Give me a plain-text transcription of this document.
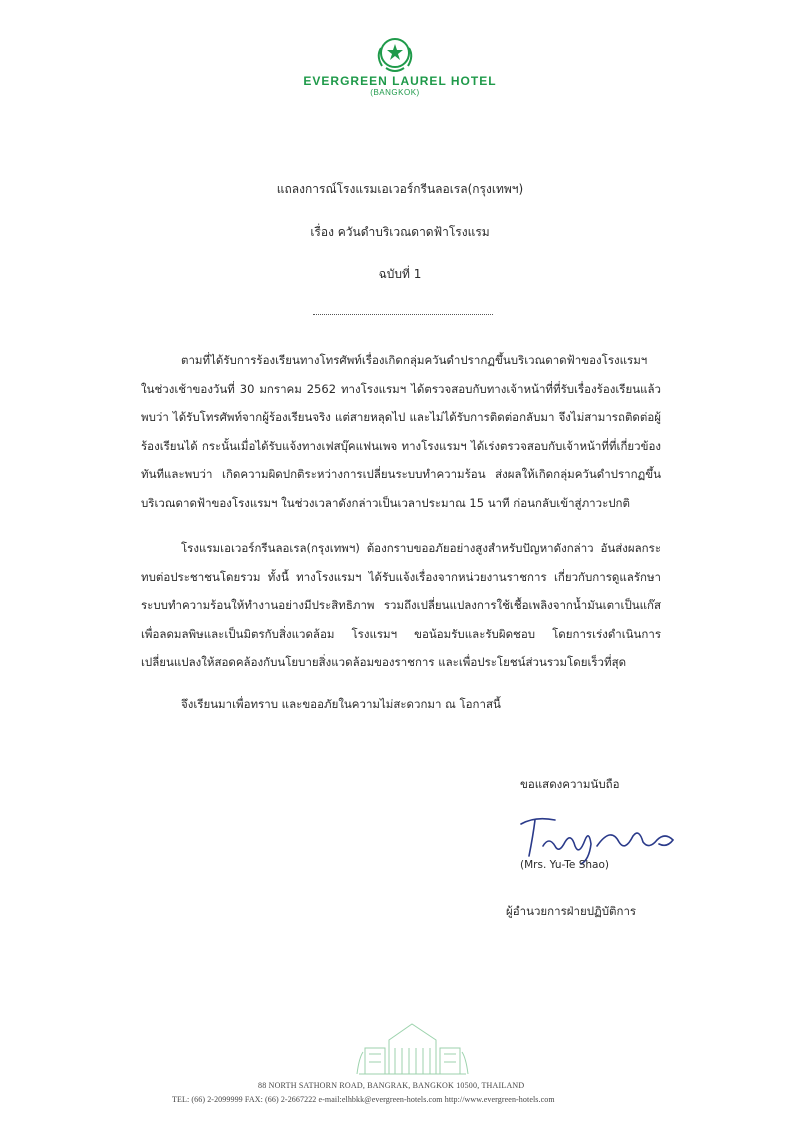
EVERGREEN LAUREL HOTEL
(BANGKOK)
แถลงการณ์โรงแรมเอเวอร์กรีนลอเรล(กรุงเทพฯ)
เรื่อง ควันดำบริเวณดาดฟ้าโรงแรม
ฉบับที่ 1

ตามที่ได้รับการร้องเรียนทางโทรศัพท์เรื่องเกิดกลุ่มควันดำปรากฏขึ้นบริเวณดาดฟ้าของโรงแรมฯ ในช่วงเช้าของวันที่ 30 มกราคม 2562 ทางโรงแรมฯ ได้ตรวจสอบกับทางเจ้าหน้าที่ที่รับเรื่องร้องเรียนแล้วพบว่า ได้รับโทรศัพท์จากผู้ร้องเรียนจริง แต่สายหลุดไป และไม่ได้รับการติดต่อกลับมา จึงไม่สามารถติดต่อผู้ร้องเรียนได้ กระนั้นเมื่อได้รับแจ้งทางเฟสบุ๊คแฟนเพจ ทางโรงแรมฯ ได้เร่งตรวจสอบกับเจ้าหน้าที่ที่เกี่ยวข้องทันทีและพบว่า เกิดความผิดปกติระหว่างการเปลี่ยนระบบทำความร้อน ส่งผลให้เกิดกลุ่มควันดำปรากฏขึ้นบริเวณดาดฟ้าของโรงแรมฯ ในช่วงเวลาดังกล่าวเป็นเวลาประมาณ 15 นาที ก่อนกลับเข้าสู่ภาวะปกติ

โรงแรมเอเวอร์กรีนลอเรล(กรุงเทพฯ) ต้องกราบขออภัยอย่างสูงสำหรับปัญหาดังกล่าว อันส่งผลกระทบต่อประชาชนโดยรวม ทั้งนี้ ทางโรงแรมฯ ได้รับแจ้งเรื่องจากหน่วยงานราชการ เกี่ยวกับการดูแลรักษาระบบทำความร้อนให้ทำงานอย่างมีประสิทธิภาพ รวมถึงเปลี่ยนแปลงการใช้เชื้อเพลิงจากน้ำมันเตาเป็นแก๊ส เพื่อลดมลพิษและเป็นมิตรกับสิ่งแวดล้อม โรงแรมฯ ขอน้อมรับและรับผิดชอบ โดยการเร่งดำเนินการเปลี่ยนแปลงให้สอดคล้องกับนโยบายสิ่งแวดล้อมของราชการ และเพื่อประโยชน์ส่วนรวมโดยเร็วที่สุด

จึงเรียนมาเพื่อทราบ และขออภัยในความไม่สะดวกมา ณ โอกาสนี้

ขอแสดงความนับถือ
(Mrs. Yu-Te Shao)
ผู้อำนวยการฝ่ายปฏิบัติการ
88 NORTH SATHORN ROAD, BANGRAK, BANGKOK 10500, THAILAND
TEL: (66) 2-2099999 FAX: (66) 2-2667222 e-mail:elhbkk@evergreen-hotels.com http://www.evergreen-hotels.com
